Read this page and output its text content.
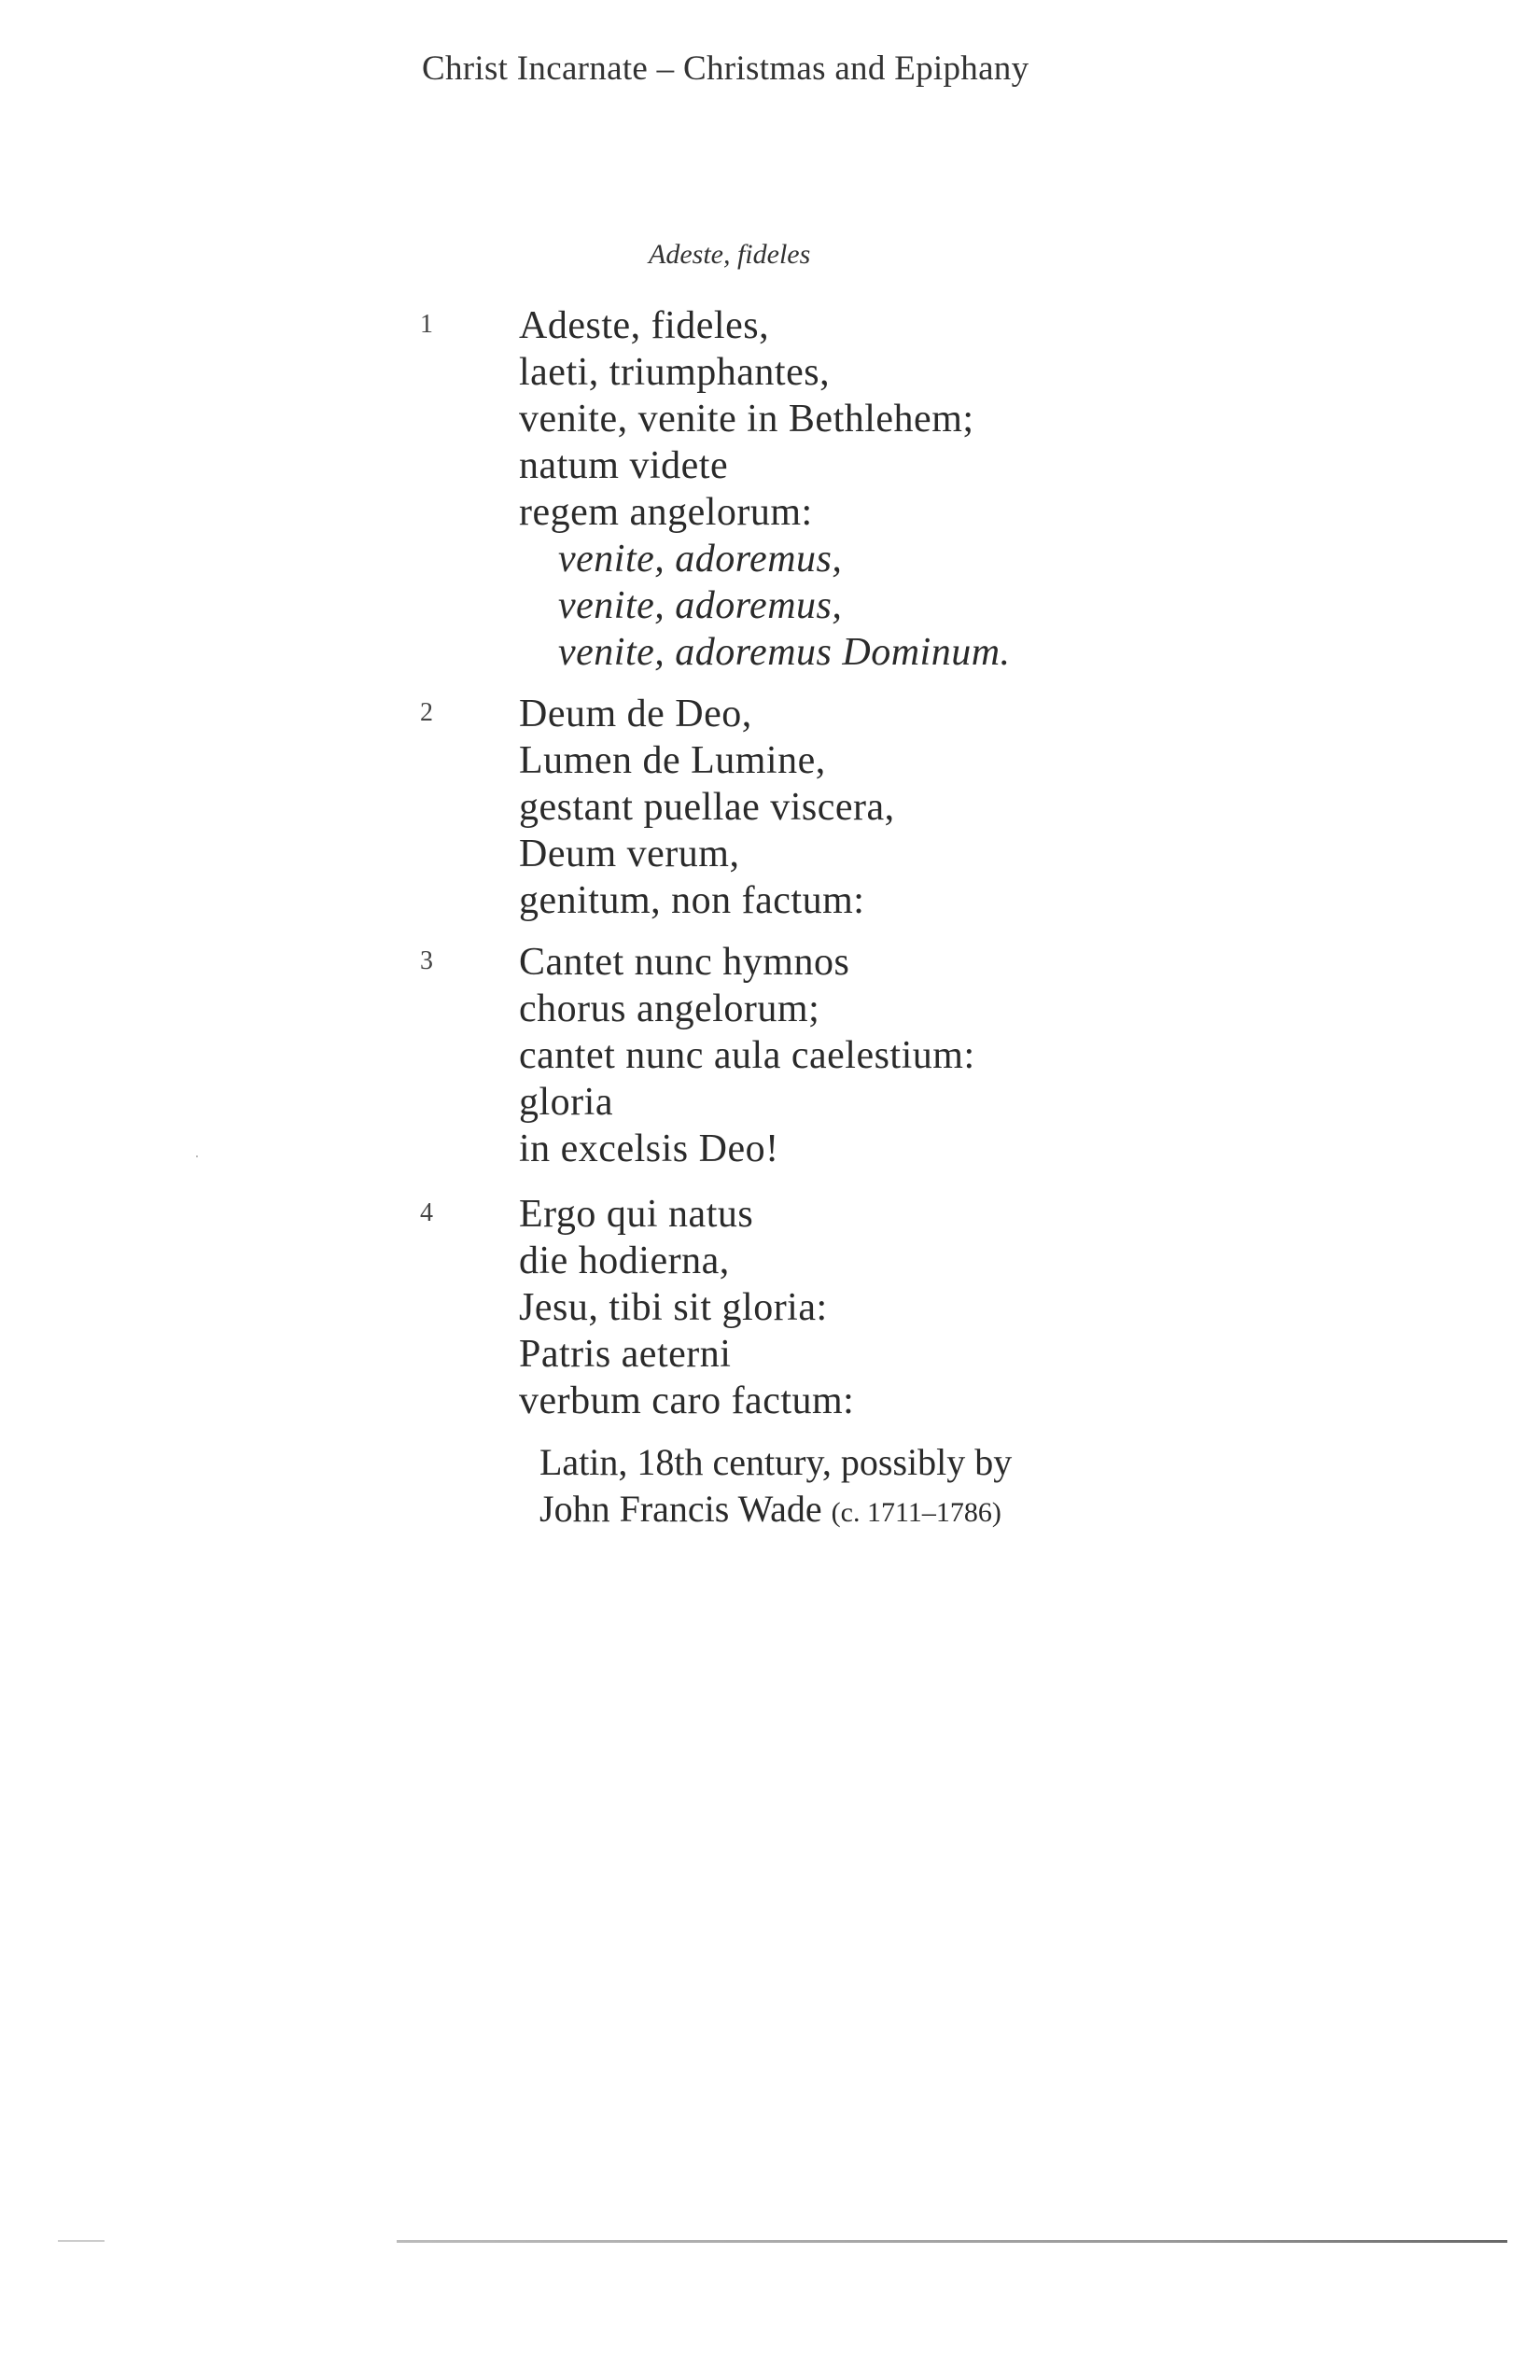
Christ Incarnate – Christmas and Epiphany
Adeste, fideles
1 Adeste, fideles,
laeti, triumphantes,
venite, venite in Bethlehem;
natum videte
regem angelorum:
venite, adoremus,
venite, adoremus,
venite, adoremus Dominum.
2 Deum de Deo,
Lumen de Lumine,
gestant puellae viscera,
Deum verum,
genitum, non factum:
3 Cantet nunc hymnos
chorus angelorum;
cantet nunc aula caelestium:
gloria
in excelsis Deo!
4 Ergo qui natus
die hodierna,
Jesu, tibi sit gloria:
Patris aeterni
verbum caro factum:
Latin, 18th century, possibly by
John Francis Wade (c. 1711–1786)
